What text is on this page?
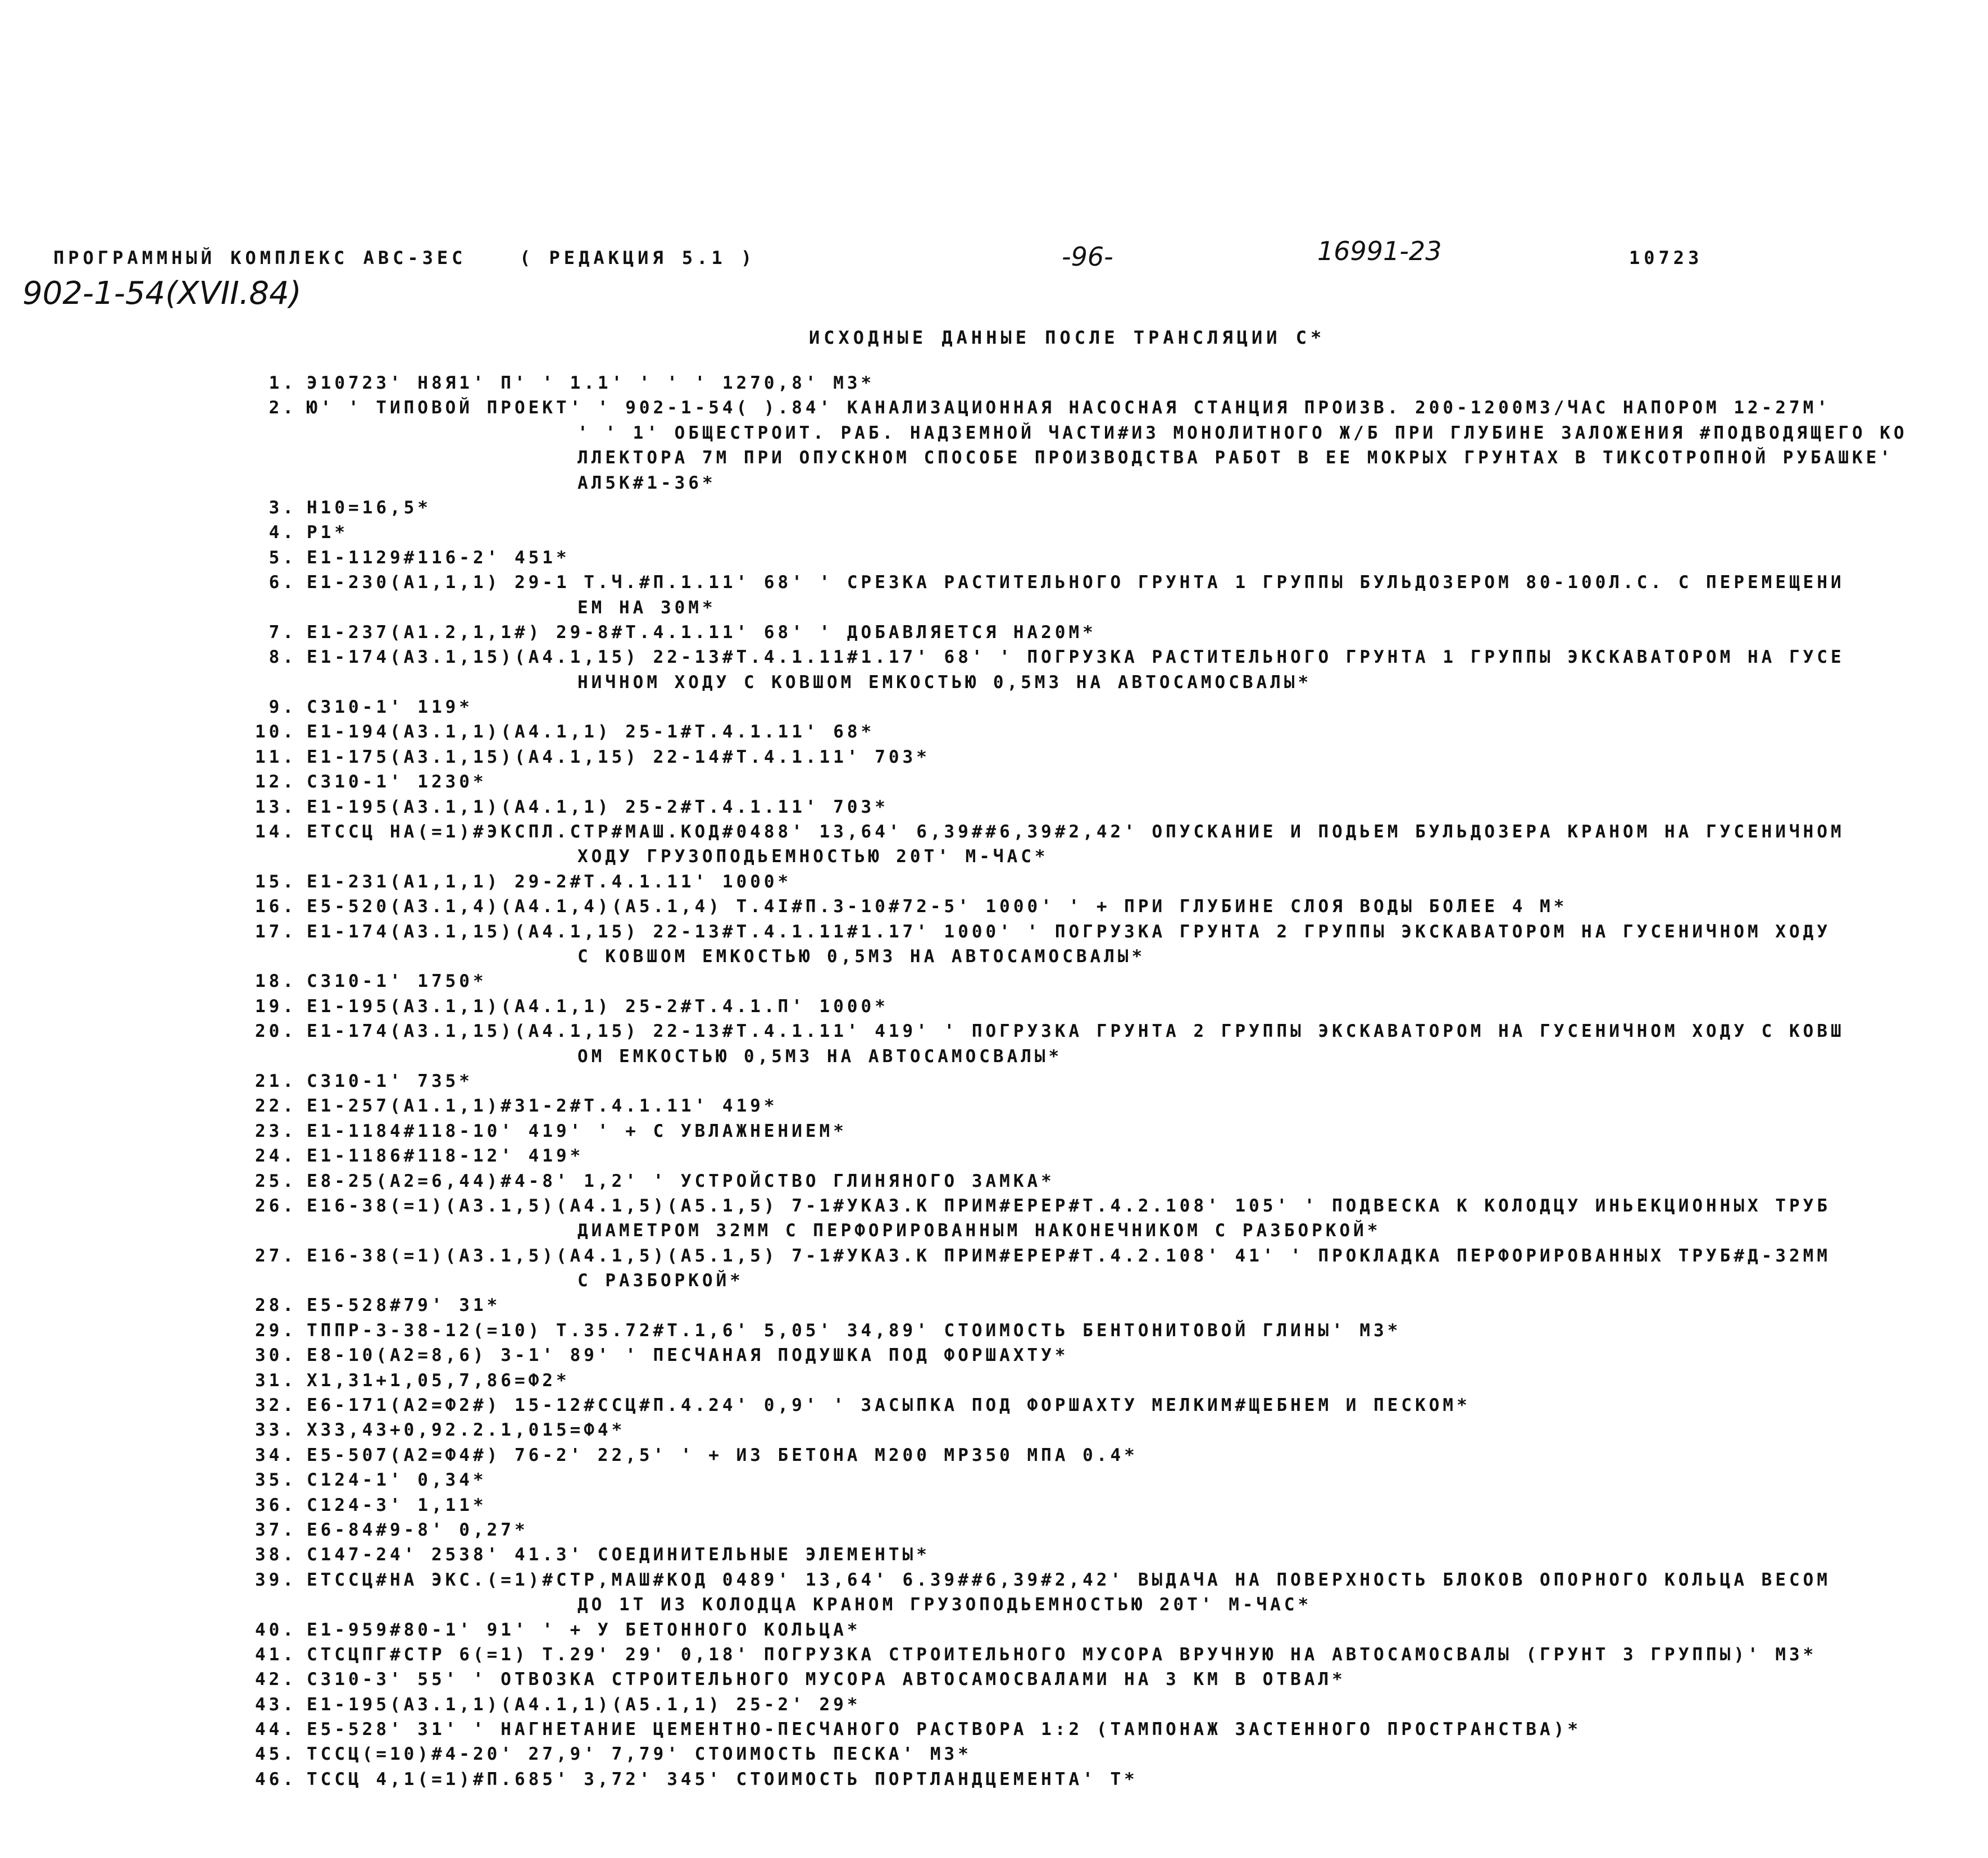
ПРОГРАММНЫЙ КОМПЛЕКС АВС-3ЕС	( РЕДАКЦИЯ 5.1 )	-96-	16991-23	10723
902-1-54(XVII.84)
ИСХОДНЫЕ ДАННЫЕ ПОСЛЕ ТРАНСЛЯЦИИ С*
1. Э10723' Н8Я1' П' ' 1.1' ' ' ' 1270,8' М3*
2. Ю' ' ТИПОВОЙ ПРОЕКТ' ' 902-1-54( ).84' КАНАЛИЗАЦИОННАЯ НАСОСНАЯ СТАНЦИЯ ПРОИЗВ. 200-1200М3/ЧАС НАПОРОМ 12-27М'
' ' 1' ОБЩЕСТРОИТ. РАБ. НАДЗЕМНОЙ ЧАСТИ#ИЗ МОНОЛИТНОГО Ж/Б ПРИ ГЛУБИНЕ ЗАЛОЖЕНИЯ #ПОДВОДЯЩЕГО КО
ЛЛЕКТОРА 7М ПРИ ОПУСКНОМ СПОСОБЕ ПРОИЗВОДСТВА РАБОТ В ЕЕ МОКРЫХ ГРУНТАХ В ТИКСОТРОПНОЙ РУБАШКЕ'
АЛ5К#1-36*
3. Н10=16,5*
4. Р1*
5. Е1-1129#116-2' 451*
6. Е1-230(А1,1,1) 29-1 Т.Ч.#П.1.11' 68' ' СРЕЗКА РАСТИТЕЛЬНОГО ГРУНТА 1 ГРУППЫ БУЛЬДОЗЕРОМ 80-100Л.С. С ПЕРЕМЕЩЕНИ
ЕМ НА 30М*
7. Е1-237(А1.2,1,1#) 29-8#Т.4.1.11' 68' ' ДОБАВЛЯЕТСЯ НА20М*
8. Е1-174(А3.1,15)(А4.1,15) 22-13#Т.4.1.11#1.17' 68' ' ПОГРУЗКА РАСТИТЕЛЬНОГО ГРУНТА 1 ГРУППЫ ЭКСКАВАТОРОМ НА ГУСЕ
НИЧНОМ ХОДУ С КОВШОМ ЕМКОСТЬЮ 0,5М3 НА АВТОСАМОСВАЛЫ*
9. С310-1' 119*
10. Е1-194(А3.1,1)(А4.1,1) 25-1#Т.4.1.11' 68*
11. Е1-175(А3.1,15)(А4.1,15) 22-14#Т.4.1.11' 703*
12. С310-1' 1230*
13. Е1-195(А3.1,1)(А4.1,1) 25-2#Т.4.1.11' 703*
14. ЕТССЦ НА(=1)#ЭКСПЛ.СТР#МАШ.КОД#0488' 13,64' 6,39##6,39#2,42' ОПУСКАНИЕ И ПОДЬЕМ БУЛЬДОЗЕРА КРАНОМ НА ГУСЕНИЧНОМ
ХОДУ ГРУЗОПОДЬЕМНОСТЬЮ 20Т' М-ЧАС*
15. Е1-231(А1,1,1) 29-2#Т.4.1.11' 1000*
16. Е5-520(А3.1,4)(А4.1,4)(А5.1,4) Т.4І#П.3-10#72-5' 1000' ' + ПРИ ГЛУБИНЕ СЛОЯ ВОДЫ БОЛЕЕ 4 М*
17. Е1-174(А3.1,15)(А4.1,15) 22-13#Т.4.1.11#1.17' 1000' ' ПОГРУЗКА ГРУНТА 2 ГРУППЫ ЭКСКАВАТОРОМ НА ГУСЕНИЧНОМ ХОДУ
С КОВШОМ ЕМКОСТЬЮ 0,5М3 НА АВТОСАМОСВАЛЫ*
18. С310-1' 1750*
19. Е1-195(А3.1,1)(А4.1,1) 25-2#Т.4.1.П' 1000*
20. Е1-174(А3.1,15)(А4.1,15) 22-13#Т.4.1.11' 419' ' ПОГРУЗКА ГРУНТА 2 ГРУППЫ ЭКСКАВАТОРОМ НА ГУСЕНИЧНОМ ХОДУ С КОВШ
ОМ ЕМКОСТЬЮ 0,5М3 НА АВТОСАМОСВАЛЫ*
21. С310-1' 735*
22. Е1-257(А1.1,1)#31-2#Т.4.1.11' 419*
23. Е1-1184#118-10' 419' ' + С УВЛАЖНЕНИЕМ*
24. Е1-1186#118-12' 419*
25. Е8-25(А2=6,44)#4-8' 1,2' ' УСТРОЙСТВО ГЛИНЯНОГО ЗАМКА*
26. Е16-38(=1)(А3.1,5)(А4.1,5)(А5.1,5) 7-1#УКАЗ.К ПРИМ#ЕРЕР#Т.4.2.108' 105' ' ПОДВЕСКА К КОЛОДЦУ ИНЬЕКЦИОННЫХ ТРУБ
ДИАМЕТРОМ 32ММ С ПЕРФОРИРОВАННЫМ НАКОНЕЧНИКОМ С РАЗБОРКОЙ*
27. Е16-38(=1)(А3.1,5)(А4.1,5)(А5.1,5) 7-1#УКАЗ.К ПРИМ#ЕРЕР#Т.4.2.108' 41' ' ПРОКЛАДКА ПЕРФОРИРОВАННЫХ ТРУБ#Д-32ММ
С РАЗБОРКОЙ*
28. Е5-528#79' 31*
29. ТППР-3-38-12(=10) Т.35.72#Т.1,6' 5,05' 34,89' СТОИМОСТЬ БЕНТОНИТОВОЙ ГЛИНЫ' М3*
30. Е8-10(А2=8,6) 3-1' 89' ' ПЕСЧАНАЯ ПОДУШКА ПОД ФОРШАХТУ*
31. Х1,31+1,05,7,86=Ф2*
32. Е6-171(А2=Ф2#) 15-12#ССЦ#П.4.24' 0,9' ' ЗАСЫПКА ПОД ФОРШАХТУ МЕЛКИМ#ЩЕБНЕМ И ПЕСКОМ*
33. Х33,43+0,92.2.1,015=Ф4*
34. Е5-507(А2=Ф4#) 76-2' 22,5' ' + ИЗ БЕТОНА М200 МР350 МПА 0.4*
35. С124-1' 0,34*
36. С124-3' 1,11*
37. Е6-84#9-8' 0,27*
38. С147-24' 2538' 41.3' СОЕДИНИТЕЛЬНЫЕ ЭЛЕМЕНТЫ*
39. ЕТССЦ#НА ЭКС.(=1)#СТР,МАШ#КОД 0489' 13,64' 6.39##6,39#2,42' ВЫДАЧА НА ПОВЕРХНОСТЬ БЛОКОВ ОПОРНОГО КОЛЬЦА ВЕСОМ
ДО 1Т ИЗ КОЛОДЦА КРАНОМ ГРУЗОПОДЬЕМНОСТЬЮ 20Т' М-ЧАС*
40. Е1-959#80-1' 91' ' + У БЕТОННОГО КОЛЬЦА*
41. СТСЦПГ#СТР 6(=1) Т.29' 29' 0,18' ПОГРУЗКА СТРОИТЕЛЬНОГО МУСОРА ВРУЧНУЮ НА АВТОСАМОСВАЛЫ (ГРУНТ 3 ГРУППЫ)' М3*
42. С310-3' 55' ' ОТВОЗКА СТРОИТЕЛЬНОГО МУСОРА АВТОСАМОСВАЛАМИ НА 3 КМ В ОТВАЛ*
43. Е1-195(А3.1,1)(А4.1,1)(А5.1,1) 25-2' 29*
44. Е5-528' 31' ' НАГНЕТАНИЕ ЦЕМЕНТНО-ПЕСЧАНОГО РАСТВОРА 1:2 (ТАМПОНАЖ ЗАСТЕННОГО ПРОСТРАНСТВА)*
45. ТССЦ(=10)#4-20' 27,9' 7,79' СТОИМОСТЬ ПЕСКА' М3*
46. ТССЦ 4,1(=1)#П.685' 3,72' 345' СТОИМОСТЬ ПОРТЛАНДЦЕМЕНТА' Т*
